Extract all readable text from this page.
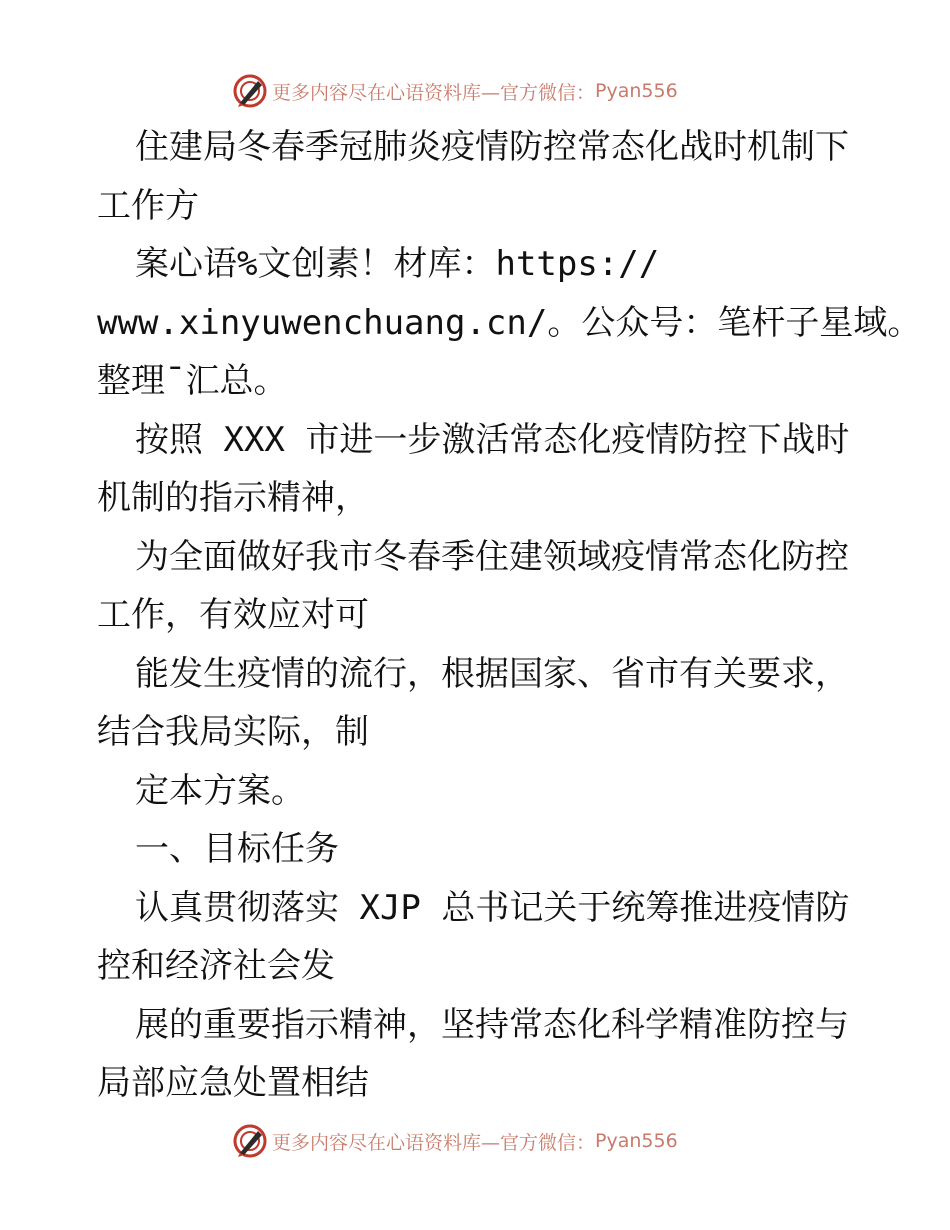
更多内容尽在心语资料库—官方微信： Pyan556
住建局冬春季冠肺炎疫情防控常态化战时机制下
工作方
案心语%文创素！材库：https://
www.xinyuwenchuang.cn/。公众号：笔杆子星域。
整理¯汇总。
按照 XXX 市进一步激活常态化疫情防控下战时
机制的指示精神，
为全面做好我市冬春季住建领域疫情常态化防控
工作，有效应对可
能发生疫情的流行，根据国家、省市有关要求，
结合我局实际，制
定本方案。
一、目标任务
认真贯彻落实 XJP 总书记关于统筹推进疫情防
控和经济社会发
展的重要指示精神，坚持常态化科学精准防控与
局部应急处置相结
更多内容尽在心语资料库—官方微信： Pyan556
